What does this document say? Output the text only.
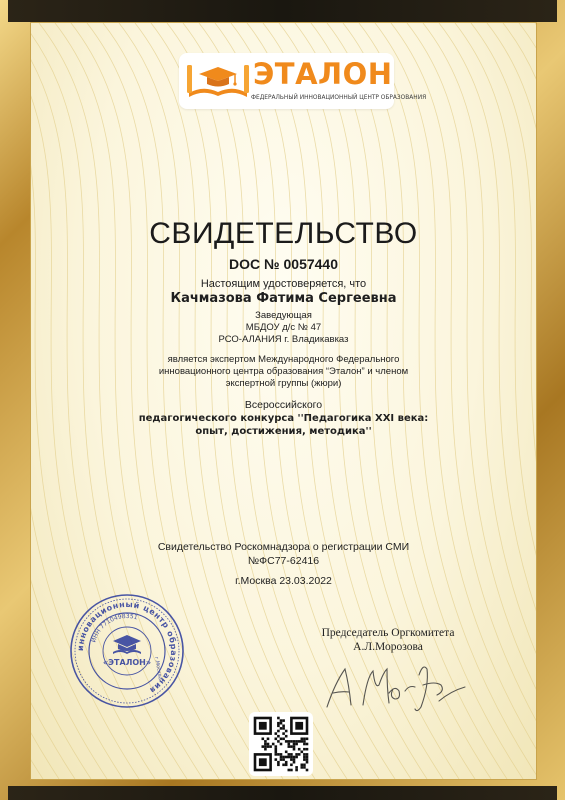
ЭТАЛОН
ФЕДЕРАЛЬНЫЙ ИННОВАЦИОННЫЙ ЦЕНТР ОБРАЗОВАНИЯ
СВИДЕТЕЛЬСТВО
DOC № 0057440
Настоящим удостоверяется, что
Качмазова Фатима Сергеевна
Заведующая
МБДОУ д/с № 47
РСО-АЛАНИЯ г. Владикавказ
является экспертом Международного Федерального
инновационного центра образования “Эталон” и членом
экспертной группы (жюри)
Всероссийского
педагогического конкурса ''Педагогика XXI века:
опыт, достижения, методика''
Свидетельство Роскомнадзора о регистрации СМИ
№ФС77-62416
г.Москва 23.03.2022
инновационный центр образования
ИНН 7710498351
«ЭТАЛОН» г.Москва
Председатель Оргкомитета
А.Л.Морозова
